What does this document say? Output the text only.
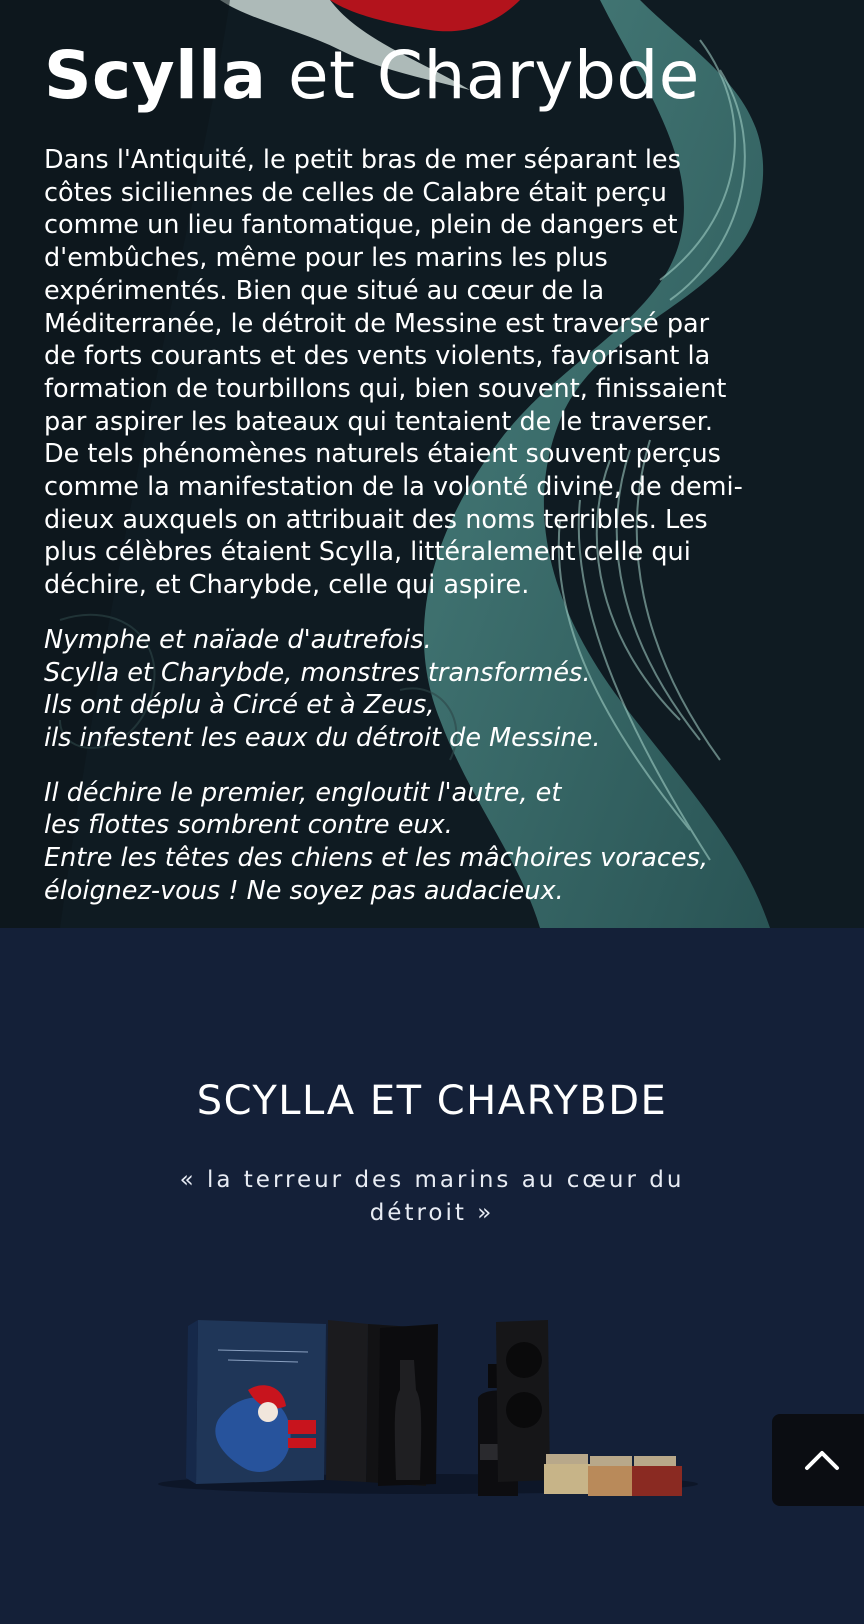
Scylla et Charybde

Dans l'Antiquité, le petit bras de mer séparant les côtes siciliennes de celles de Calabre était perçu comme un lieu fantomatique, plein de dangers et d'embûches, même pour les marins les plus expérimentés. Bien que situé au cœur de la Méditerranée, le détroit de Messine est traversé par de forts courants et des vents violents, favorisant la formation de tourbillons qui, bien souvent, finissaient par aspirer les bateaux qui tentaient de le traverser. De tels phénomènes naturels étaient souvent perçus comme la manifestation de la volonté divine, de demi-dieux auxquels on attribuait des noms terribles. Les plus célèbres étaient Scylla, littéralement celle qui déchire, et Charybde, celle qui aspire.

Nymphe et naïade d'autrefois.
Scylla et Charybde, monstres transformés.
Ils ont déplu à Circé et à Zeus,
ils infestent les eaux du détroit de Messine.
Il déchire le premier, engloutit l'autre, et
les flottes sombrent contre eux.
Entre les têtes des chiens et les mâchoires voraces,
éloignez-vous ! Ne soyez pas audacieux.
SCYLLA ET CHARYBDE

« la terreur des marins au cœur du détroit »
